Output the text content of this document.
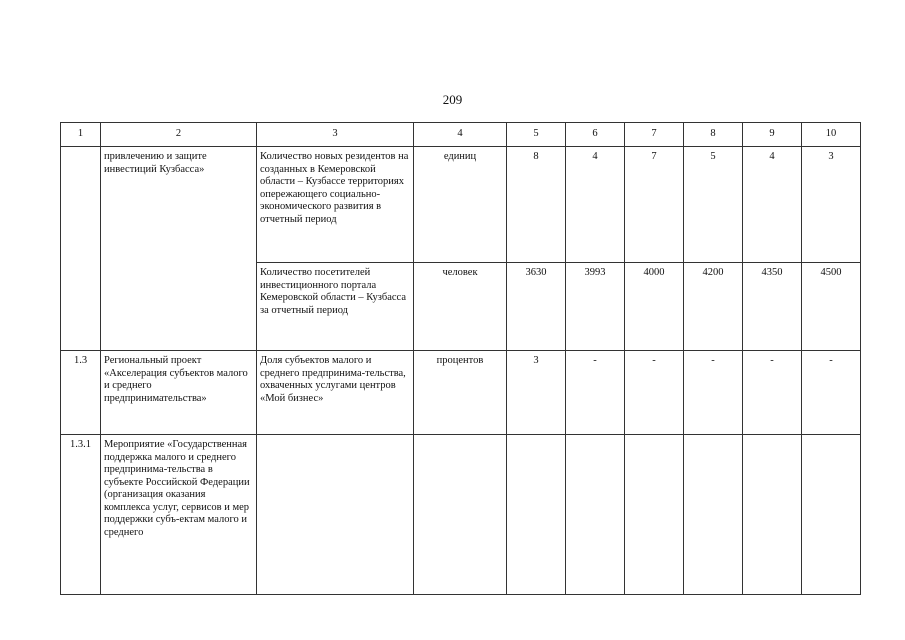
209
1	2	3	4	5	6	7	8	9	10
	привлечению и защите инвестиций Кузбасса»	Количество новых резидентов на созданных в Кемеровской области – Кузбассе территориях опережающего социально-экономического развития в отчетный период	единиц	8	4	7	5	4	3
		Количество посетителей инвестиционного портала Кемеровской области – Кузбасса за отчетный период	человек	3630	3993	4000	4200	4350	4500
1.3	Региональный проект «Акселерация субъектов малого и среднего предпринимательства»	Доля субъектов малого и среднего предпринима-тельства, охваченных услугами центров «Мой бизнес»	процентов	3	-	-	-	-	-
1.3.1	Мероприятие «Государственная поддержка малого и среднего предпринима-тельства в субъекте Российской Федерации (организация оказания комплекса услуг, сервисов и мер поддержки субъ-ектам малого и среднего								
